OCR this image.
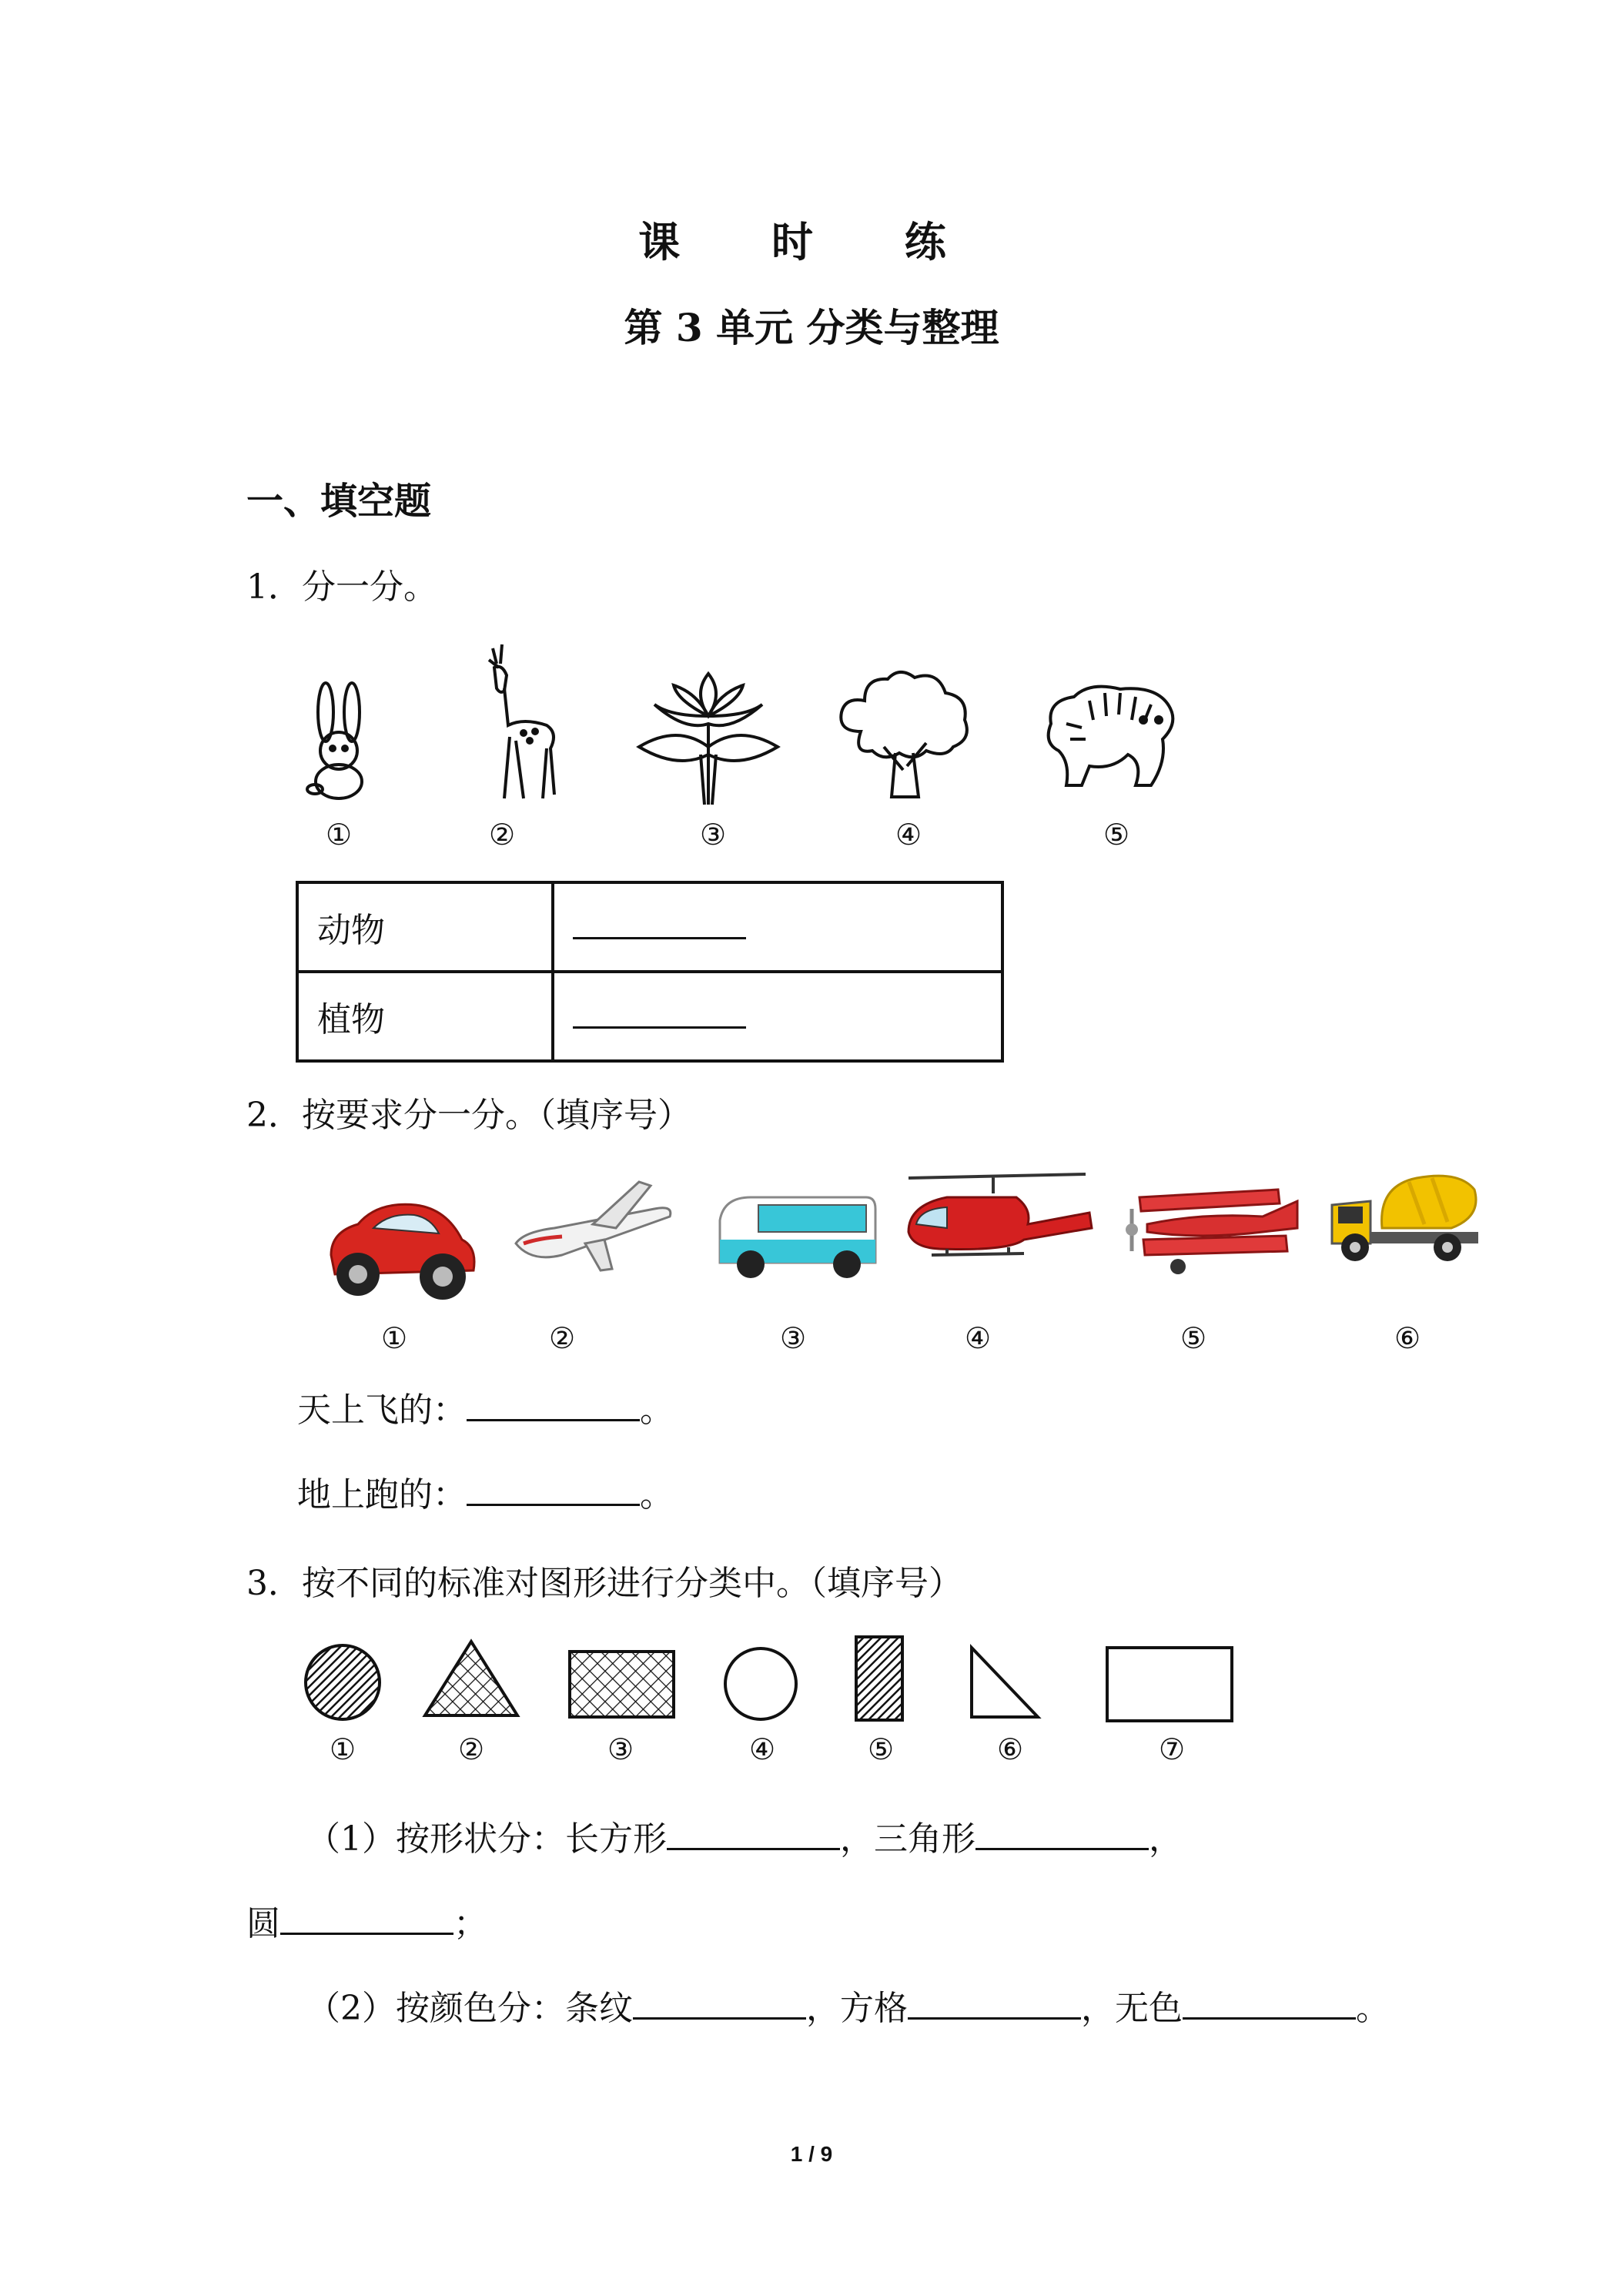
课 时 练
第 3 单元 分类与整理
一、填空题
1．分一分。
①	②	③	④	⑤
动物	
植物	
2．按要求分一分。（填序号）
①	②	③	④	⑤	⑥
天上飞的：	。
地上跑的：	。
3．按不同的标准对图形进行分类中。（填序号）
①	②	③	④	⑤	⑥	⑦
（1）按形状分：长方形	，三角形	，
圆	；
（2）按颜色分：条纹	，方格	，无色	。
1 / 9
